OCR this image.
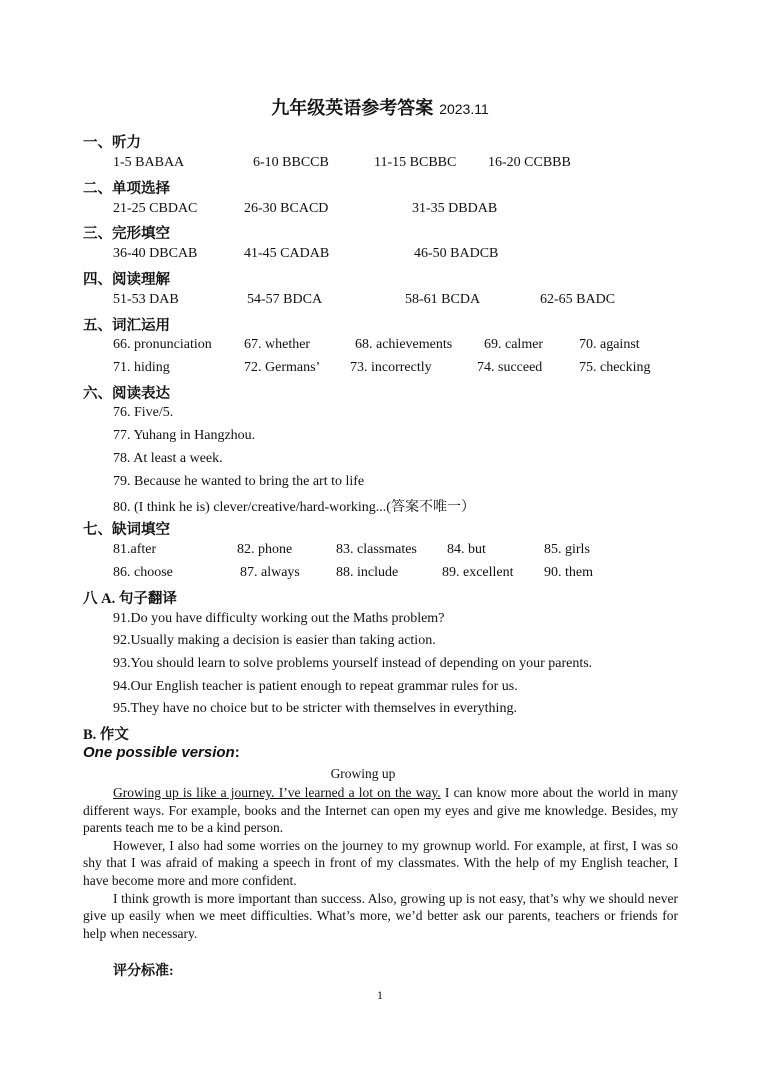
九年级英语参考答案 2023.11
一、听力
1-5 BABAA	6-10 BBCCB	11-15 BCBBC 16-20 CCBBB
二、单项选择
21-25 CBDAC	26-30 BCACD	31-35 DBDAB
三、完形填空
36-40 DBCAB	41-45 CADAB	46-50 BADCB
四、阅读理解
51-53 DAB	54-57 BDCA	58-61 BCDA	62-65 BADC
五、词汇运用
66. pronunciation 67. whether	68. achievements 69. calmer	70. against
71. hiding	72. Germans’ 73. incorrectly	74. succeed	75. checking
六、阅读表达
76. Five/5.
77. Yuhang in Hangzhou.
78. At least a week.
79. Because he wanted to bring the art to life
80. (I think he is) clever/creative/hard-working...(答案不唯一）
七、缺词填空
81.after	82. phone	83. classmates 84. but	85. girls
86. choose	87. always	88. include	89. excellent 90. them
八 A. 句子翻译
91.Do you have difficulty working out the Maths problem?
92.Usually making a decision is easier than taking action.
93.You should learn to solve problems yourself instead of depending on your parents.
94.Our English teacher is patient enough to repeat grammar rules for us.
95.They have no choice but to be stricter with themselves in everything.
B. 作文
One possible version:
Growing up

Growing up is like a journey. I’ve learned a lot on the way. I can know more about the world in many different ways. For example, books and the Internet can open my eyes and give me knowledge. Besides, my parents teach me to be a kind person.

However, I also had some worries on the journey to my grownup world. For example, at first, I was so shy that I was afraid of making a speech in front of my classmates. With the help of my English teacher, I have become more and more confident.

I think growth is more important than success. Also, growing up is not easy, that’s why we should never give up easily when we meet difficulties. What’s more, we’d better ask our parents, teachers or friends for help when necessary.

评分标准:
1
